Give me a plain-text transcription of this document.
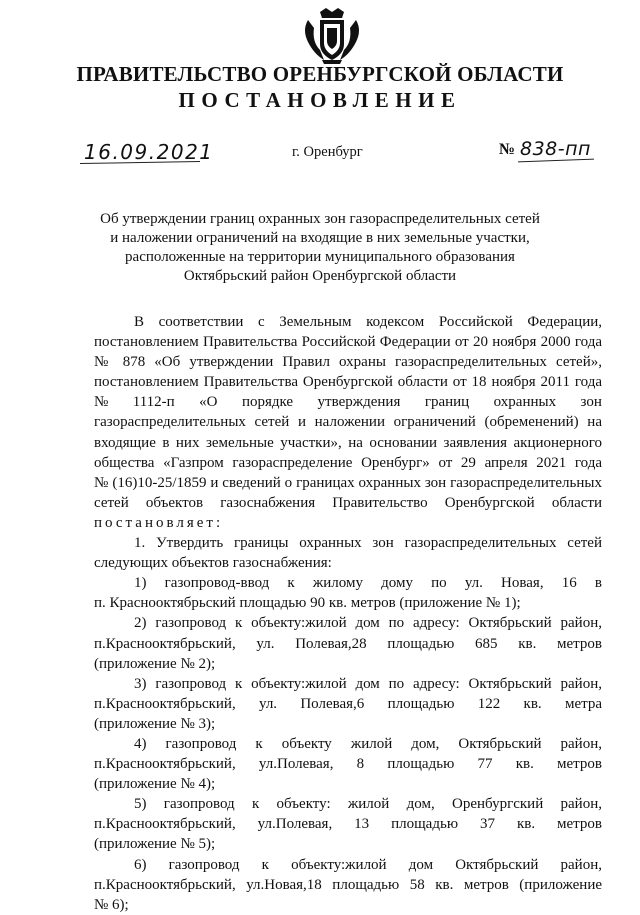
ПРАВИТЕЛЬСТВО ОРЕНБУРГСКОЙ ОБЛАСТИ
ПОСТАНОВЛЕНИЕ
16.09.2021	г. Оренбург	№ 838-пп
Об утверждении границ охранных зон газораспределительных сетей
и наложении ограничений на входящие в них земельные участки,
расположенные на территории муниципального образования
Октябрьский район Оренбургской области
В соответствии с Земельным кодексом Российской Федерации,
постановлением Правительства Российской Федерации от 20 ноября 2000 года
№ 878 «Об утверждении Правил охраны газораспределительных сетей»,
постановлением Правительства Оренбургской области от 18 ноября 2011 года
№ 1112-п «О порядке утверждения границ охранных зон
газораспределительных сетей и наложении ограничений (обременений) на
входящие в них земельные участки», на основании заявления акционерного
общества «Газпром газораспределение Оренбург» от 29 апреля 2021 года
№ (16)10-25/1859 и сведений о границах охранных зон газораспределительных
сетей объектов газоснабжения Правительство Оренбургской области
постановляет:
1. Утвердить границы охранных зон газораспределительных сетей
следующих объектов газоснабжения:
1) газопровод-ввод к жилому дому по ул. Новая, 16 в
п. Краснооктябрьский площадью 90 кв. метров (приложение № 1);
2) газопровод к объекту:жилой дом по адресу: Октябрьский район,
п.Краснооктябрьский, ул. Полевая,28 площадью 685 кв. метров
(приложение № 2);
3) газопровод к объекту:жилой дом по адресу: Октябрьский район,
п.Краснооктябрьский, ул. Полевая,6 площадью 122 кв. метра
(приложение № 3);
4) газопровод к объекту жилой дом, Октябрьский район,
п.Краснооктябрьский, ул.Полевая, 8 площадью 77 кв. метров
(приложение № 4);
5) газопровод к объекту: жилой дом, Оренбургский район,
п.Краснооктябрьский, ул.Полевая, 13 площадью 37 кв. метров
(приложение № 5);
6) газопровод к объекту:жилой дом Октябрьский район,
п.Краснооктябрьский, ул.Новая,18 площадью 58 кв. метров (приложение
№ 6);
